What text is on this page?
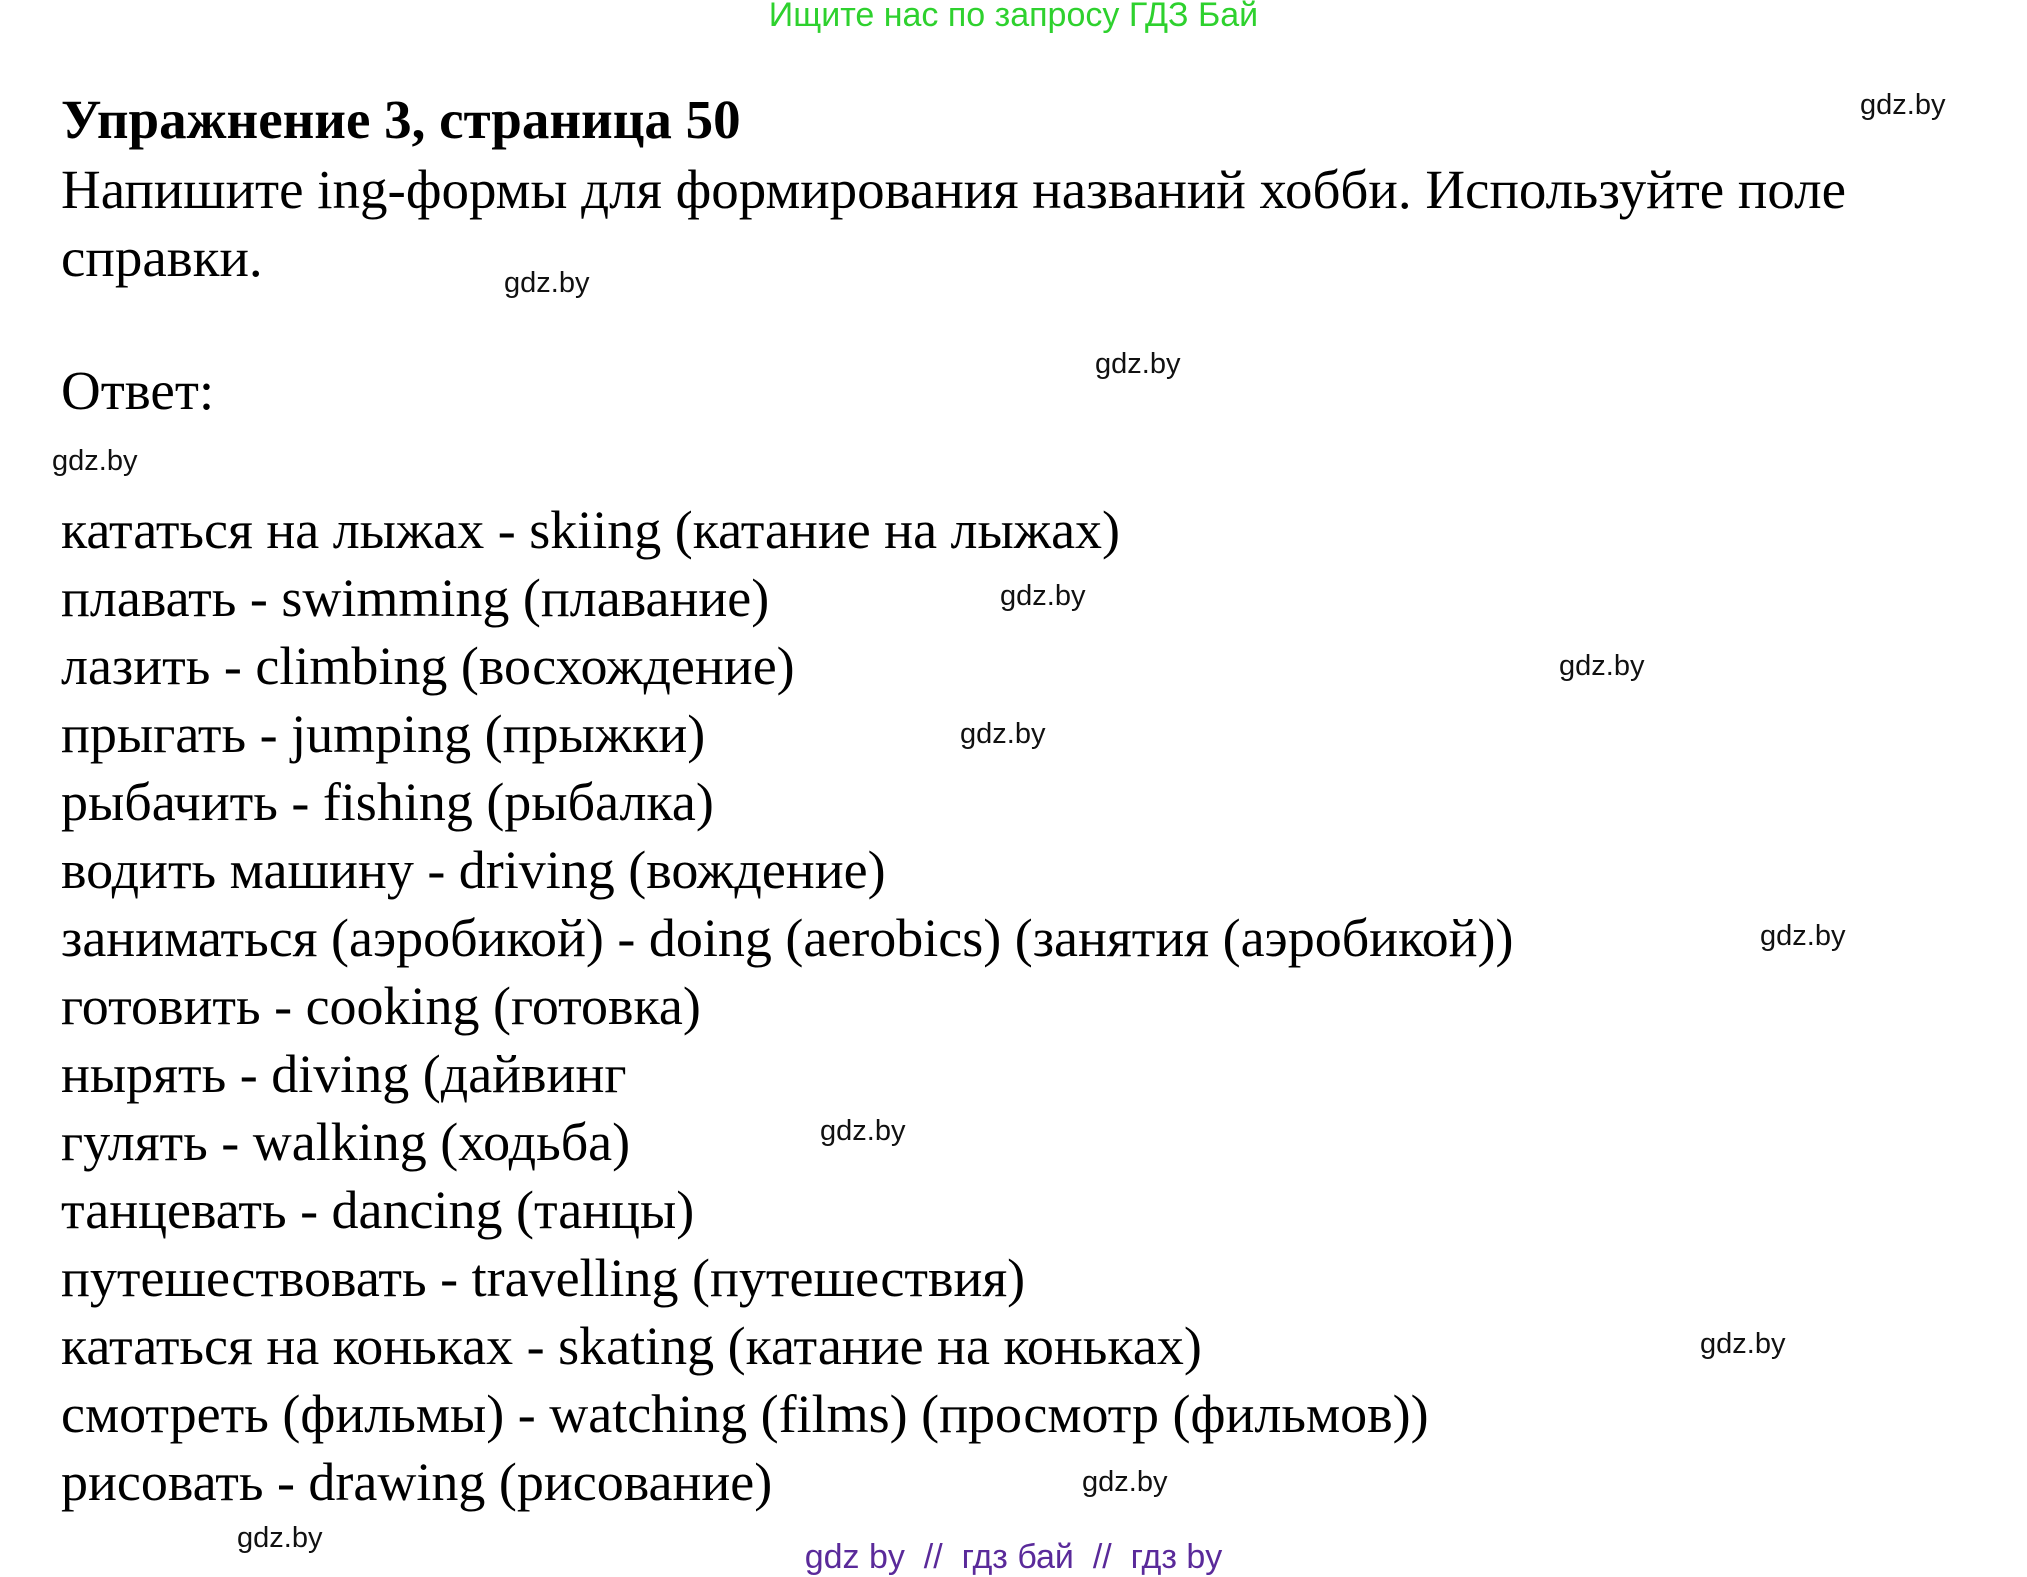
Ищите нас по запросу ГДЗ Бай
Упражнение 3, страница 50
Напишите ing-формы для формирования названий хобби. Используйте поле
справки.
Ответ:
кататься на лыжах - skiing (катание на лыжах)
плавать - swimming (плавание)
лазить - climbing (восхождение)
прыгать - jumping (прыжки)
рыбачить - fishing (рыбалка)
водить машину - driving (вождение)
заниматься (аэробикой) - doing (aerobics) (занятия (аэробикой))
готовить - cooking (готовка)
нырять - diving (дайвинг
гулять - walking (ходьба)
танцевать - dancing (танцы)
путешествовать - travelling (путешествия)
кататься на коньках - skating (катание на коньках)
смотреть (фильмы) - watching (films) (просмотр (фильмов))
рисовать - drawing (рисование)
gdz.by
gdz.by
gdz.by
gdz.by
gdz.by
gdz.by
gdz.by
gdz.by
gdz.by
gdz.by
gdz.by
gdz.by	gdz by  //  гдз бай  //  гдз by
